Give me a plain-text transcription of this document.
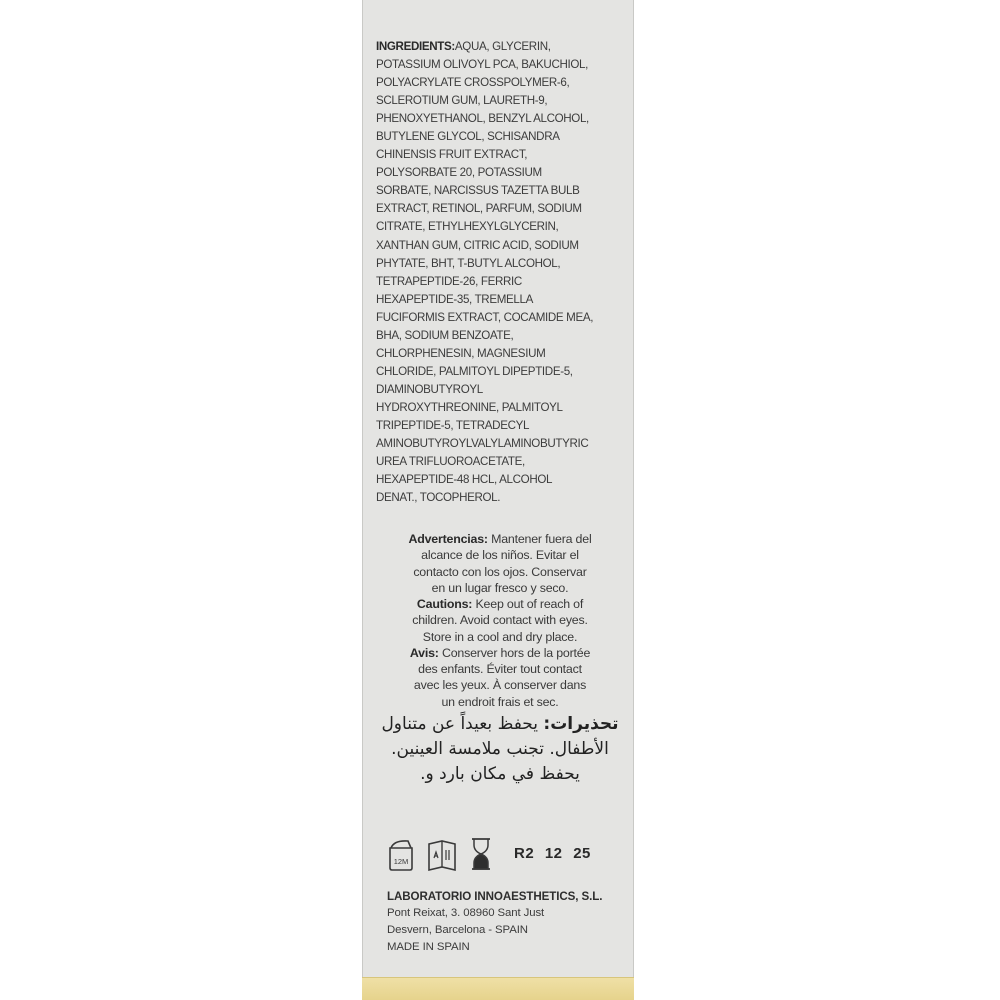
INGREDIENTS:AQUA, GLYCERIN,
POTASSIUM OLIVOYL PCA, BAKUCHIOL,
POLYACRYLATE CROSSPOLYMER-6,
SCLEROTIUM GUM, LAURETH-9,
PHENOXYETHANOL, BENZYL ALCOHOL,
BUTYLENE GLYCOL, SCHISANDRA
CHINENSIS FRUIT EXTRACT,
POLYSORBATE 20, POTASSIUM
SORBATE, NARCISSUS TAZETTA BULB
EXTRACT, RETINOL, PARFUM, SODIUM
CITRATE, ETHYLHEXYLGLYCERIN,
XANTHAN GUM, CITRIC ACID, SODIUM
PHYTATE, BHT, T-BUTYL ALCOHOL,
TETRAPEPTIDE-26, FERRIC
HEXAPEPTIDE-35, TREMELLA
FUCIFORMIS EXTRACT, COCAMIDE MEA,
BHA, SODIUM BENZOATE,
CHLORPHENESIN, MAGNESIUM
CHLORIDE, PALMITOYL DIPEPTIDE-5,
DIAMINOBUTYROYL
HYDROXYTHREONINE, PALMITOYL
TRIPEPTIDE-5, TETRADECYL
AMINOBUTYROYLVALYLAMINOBUTYRIC
UREA TRIFLUOROACETATE,
HEXAPEPTIDE-48 HCL, ALCOHOL
DENAT., TOCOPHEROL.
Advertencias: Mantener fuera del
alcance de los niños. Evitar el
contacto con los ojos. Conservar
en un lugar fresco y seco.
Cautions: Keep out of reach of
children. Avoid contact with eyes.
Store in a cool and dry place.
Avis: Conserver hors de la portée
des enfants. Éviter tout contact
avec les yeux. À conserver dans
un endroit frais et sec.
تحذيرات: يحفظ بعيداً عن متناول
الأطفال. تجنب ملامسة العينين.
يحفظ في مكان بارد و.
12M	R2 12 25
LABORATORIO INNOAESTHETICS, S.L.
Pont Reixat, 3. 08960 Sant Just
Desvern, Barcelona - SPAIN
MADE IN SPAIN
